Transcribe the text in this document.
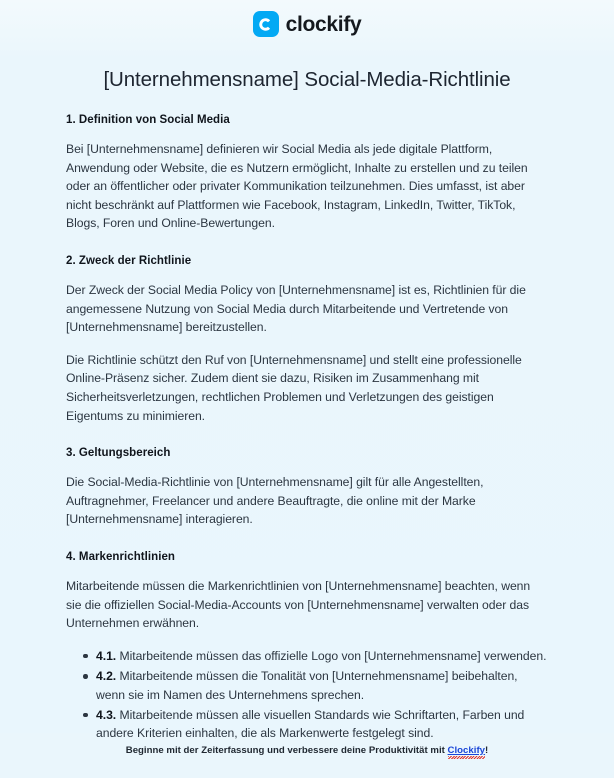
clockify
[Unternehmensname] Social-Media-Richtlinie
1. Definition von Social Media

Bei [Unternehmensname] definieren wir Social Media als jede digitale Plattform, Anwendung oder Website, die es Nutzern ermöglicht, Inhalte zu erstellen und zu teilen oder an öffentlicher oder privater Kommunikation teilzunehmen. Dies umfasst, ist aber nicht beschränkt auf Plattformen wie Facebook, Instagram, LinkedIn, Twitter, TikTok, Blogs, Foren und Online-Bewertungen.

2. Zweck der Richtlinie

Der Zweck der Social Media Policy von [Unternehmensname] ist es, Richtlinien für die angemessene Nutzung von Social Media durch Mitarbeitende und Vertretende von [Unternehmensname] bereitzustellen.

Die Richtlinie schützt den Ruf von [Unternehmensname] und stellt eine professionelle Online-Präsenz sicher. Zudem dient sie dazu, Risiken im Zusammenhang mit Sicherheitsverletzungen, rechtlichen Problemen und Verletzungen des geistigen Eigentums zu minimieren.

3. Geltungsbereich

Die Social-Media-Richtlinie von [Unternehmensname] gilt für alle Angestellten, Auftragnehmer, Freelancer und andere Beauftragte, die online mit der Marke [Unternehmensname] interagieren.

4. Markenrichtlinien

Mitarbeitende müssen die Markenrichtlinien von [Unternehmensname] beachten, wenn sie die offiziellen Social-Media-Accounts von [Unternehmensname] verwalten oder das Unternehmen erwähnen.

4.1. Mitarbeitende müssen das offizielle Logo von [Unternehmensname] verwenden.
4.2. Mitarbeitende müssen die Tonalität von [Unternehmensname] beibehalten, wenn sie im Namen des Unternehmens sprechen.
4.3. Mitarbeitende müssen alle visuellen Standards wie Schriftarten, Farben und andere Kriterien einhalten, die als Markenwerte festgelegt sind.
Beginne mit der Zeiterfassung und verbessere deine Produktivität mit Clockify!
